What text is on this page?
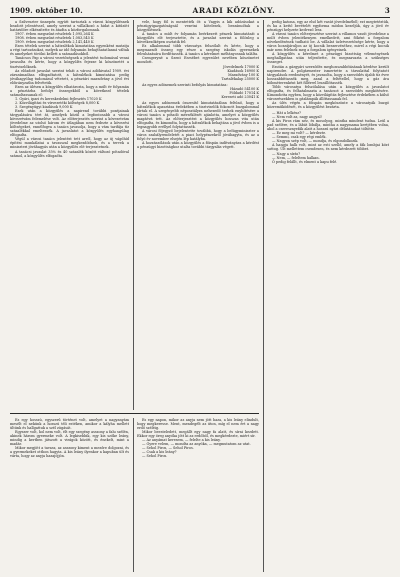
1909. október 10.	ARADI KÖZLÖNY.	3

a Szilveszter ünnepén együtt tartoztak a városi közgyűlésnek beadott jelentéssel, amely szerint a vállalkozó a hidat a kitűzött határidőre elkészítette és átadta a közforgalomnak.

1907. évben megszűnt részletek 1,095,264 K

1908. évben megszűnt részletek 1,083,545 K

1909. évben megszűnt részletek 2,141,440 K

Ezen tételek szerint a hátralékok kimutatása egyenként mutatja a régi tartozásokat, melyek az idő folyamán behajthatatlanná váltak és amelyeket törölni kellett a számadásokból.

Tanácsos Pap a városi vezetőségnek a jelentést tudomásul venni javasolta és kérte, hogy a közgyűlés fejezze ki köszönetét a tisztviselőknek.

Az előadott javaslat szerint tehát a városi adóhivatal 1909. évi zárszámadása elfogadtatott, a hátralékok kimutatása pedig jóváhagyólag tudomásul vétetett, a pénztári maradvány a jövő évi előirányzatba felvétetik.

Ezen az ülésen a közgyűlés elhatározta, hogy a múlt év folyamán a pénztárba befolyt összegekből a következő tételek számoltassanak el:

1. Gyári, ipari és kereskedelmi fejlesztés 17020 K

2. Közvilágítási és vízvezetéki költségek 8,000 K

3. Szegényügyi kiadások 9,000 K

Ezek után a közgyűlés a napirend további pontjainak tárgyalására tért át, amelyek közül a legfontosabb a városi kövezetvám felemelése volt. Az előterjesztés szerint a kövezetvám jövedelme az utolsó három év átlagában nem fedezte a kövezési költségeket, ennélfogva a tanács javasolja, hogy a vám tarifája tíz százalékkal emeltessék. A javaslatot a közgyűlés egyhangúlag elfogadta.

Végül a városi tanács jelentést tett arról, hogy az új vágóhíd építési munkálatai a tavasszal megkezdődnek, és a tervek a miniszteri jóváhagyás után a közgyűlés elé terjesztetnek.

A tanácsi javaslat 35% és 40 százalék között változó pótadóval számol, a közgyűlés elfogadta.

vele, hogy föl is mentették őt: a Vagyis a kik adózásokat a pénzügyigazgatóságnál vezetni kötelesek, beszámoltak a közgyűlésnek.

A tanács a múlt év folyamán beérkezett pénzek kimutatását a közgyűlés elé terjesztette, és a javaslat szerint a fölösleg a következőképen osztatik fel:

Ez alkalommal több városatya felszólalt és kérte, hogy a megmaradt összeg egy része a szegény iskolás gyermekek felruházására fordíttassék. A tanács a kérelmet méltányosnak találta.

Csengeryné a Szent Erzsébet egyesület nevében köszönetet mondott.

Jövedelmek 17000 K

Kiadások 16900 K

Maradvány 100 K

Tartalékalap 25000 K

Az egyes adónemek szerinti befolyás kimutatása:

Házadó 54100 K

Földadó 17014 K

Kereseti adó 23041 K

Az egyes adónemek összesítő kimutatásában feltűnő, hogy a hátralékok apasztása érdekében a tisztviselők fokozott buzgalommal jártak el. A szegényebb néposztályra nehezedő terhek enyhítésére a városi tanács a pótadó mérséklését ajánlotta, amelyet a közgyűlés magáévá tett. Az előterjesztést a közgyűlés hosszas vita után elfogadta, és kimondta, hogy a hátralékok behajtása a jövő évben is a legnagyobb eréllyel folytattassék.

A városi főjegyző bejelentette továbbá, hogy a belügyminiszter a város szabályrendeletét a piaci helypénzekről jóváhagyta, és az a folyó év november elsején lép hatályba.

A hozzászólások után a közgyűlés a főispán indítványára a kérdést a pénzügyi bizottsághoz utalta további tárgyalás végett.

pedig katona, egy az első két vasút jövedelméből; ezt megtetéztük, és ha a kettő bevételét egyforma módon kezeljük, úgy a jövő év pénzügyi helyzete kedvező lesz.

A városi tanács előterjesztése szerint a villamos vasút jövedelme a múlt évben jelentékenyen emelkedett, ami főként a forgalom növekedésének tudható be. A vállalat üzletvezetősége kérte, hogy a város hozzájáruljon az új kocsik beszerzéséhez, mivel a régi kocsik már nem felelnek meg a forgalom igényeinek.

A közgyűlés a kérelmet a pénzügyi bizottság véleményének meghallgatása után teljesítette, és megszavazta a szükséges összeget.

Ezután a gázgyári szerződés meghosszabbításának kérdése került napirendre. A polgármester ismertette a társulattal folytatott tárgyalások eredményét, és javasolta, hogy a szerződés újabb tíz évre hosszabbíttassék meg, azzal a feltétellel, hogy a gáz ára köbméterenként két fillérrel leszállíttassék.

Több városatya felszólalása után a közgyűlés a javaslatot elfogadta, és felhatalmazta a tanácsot a szerződés megkötésére. Kimondotta egyben, hogy a közvilágítás fejlesztése érdekében a külső városrészekben is gázlámpák állíttassanak fel.

Az ülés végén a főispán megköszönte a városatyák buzgó közreműködését, és a közgyűlést bezárta.

— Hát a lelkész?

— Nem volt az, nagy angyal!

A kis Piros rám néz, és mosolyog, mintha mindent tudna. Leül a pad szélére, és a lábát lóbálja, mintha a nagymama kertjében volna, ahol a cseresznyefák alatt a hosszú nyári délutánokat töltötte.

— Ez meg mi volt? — kérdezte.

— Semmi, csak egy régi emlék.

— Nagyon szép volt, — mondja, és elgondolkozik.

A hangja halk volt, mint az esti szellő, amely a fák lombjai közt suttog. Ült mellettem csendesen, és nem kérdezett többet.

— Nagy a sírás?

— Nem, — feleltem halkan.

Ő pedig felállt, és elment a kapu felé.

Ez egy hosszú, egyszerű történet volt, amelyet a nagyanyám mesélt el nekünk a hosszú téli estéken, amikor a kályha mellett ültünk és hallgattuk a szél zúgását.

Egyszer volt, hol nem volt, élt egy szegény asszony a falu szélén, akinek három gyermeke volt. A legkisebbik, egy kis szőke leány, mindig a kertben játszott a virágok között, és énekelt, mint a madár.

Mikor megjött a tavasz, az asszony kiment a mezőre dolgozni, és a gyermekeket otthon hagyta. A kis leány ilyenkor a kapuban ült és várta, hogy az anyja hazajöjjön.

És egy napon, mikor az anyja nem jött haza, a kis leány elindult, hogy megkeresse. Ment, mendegélt az úton, míg el nem ért a nagy erdő széléig.

Mikor beesteledett, megállt egy nagy fa alatt, és sírni kezdett. Ekkor egy öreg anyóka jött ki az erdőből, és megkérdezte, miért sír.

— Az anyámat keresem, — felelte a kis leány.

— Gyere velem, — mondta az anyóka, — megmutatom az utat.

— Sehol Piros, — Sehol Piros.

— Csak a kis leány?

— Sehol Piros.
